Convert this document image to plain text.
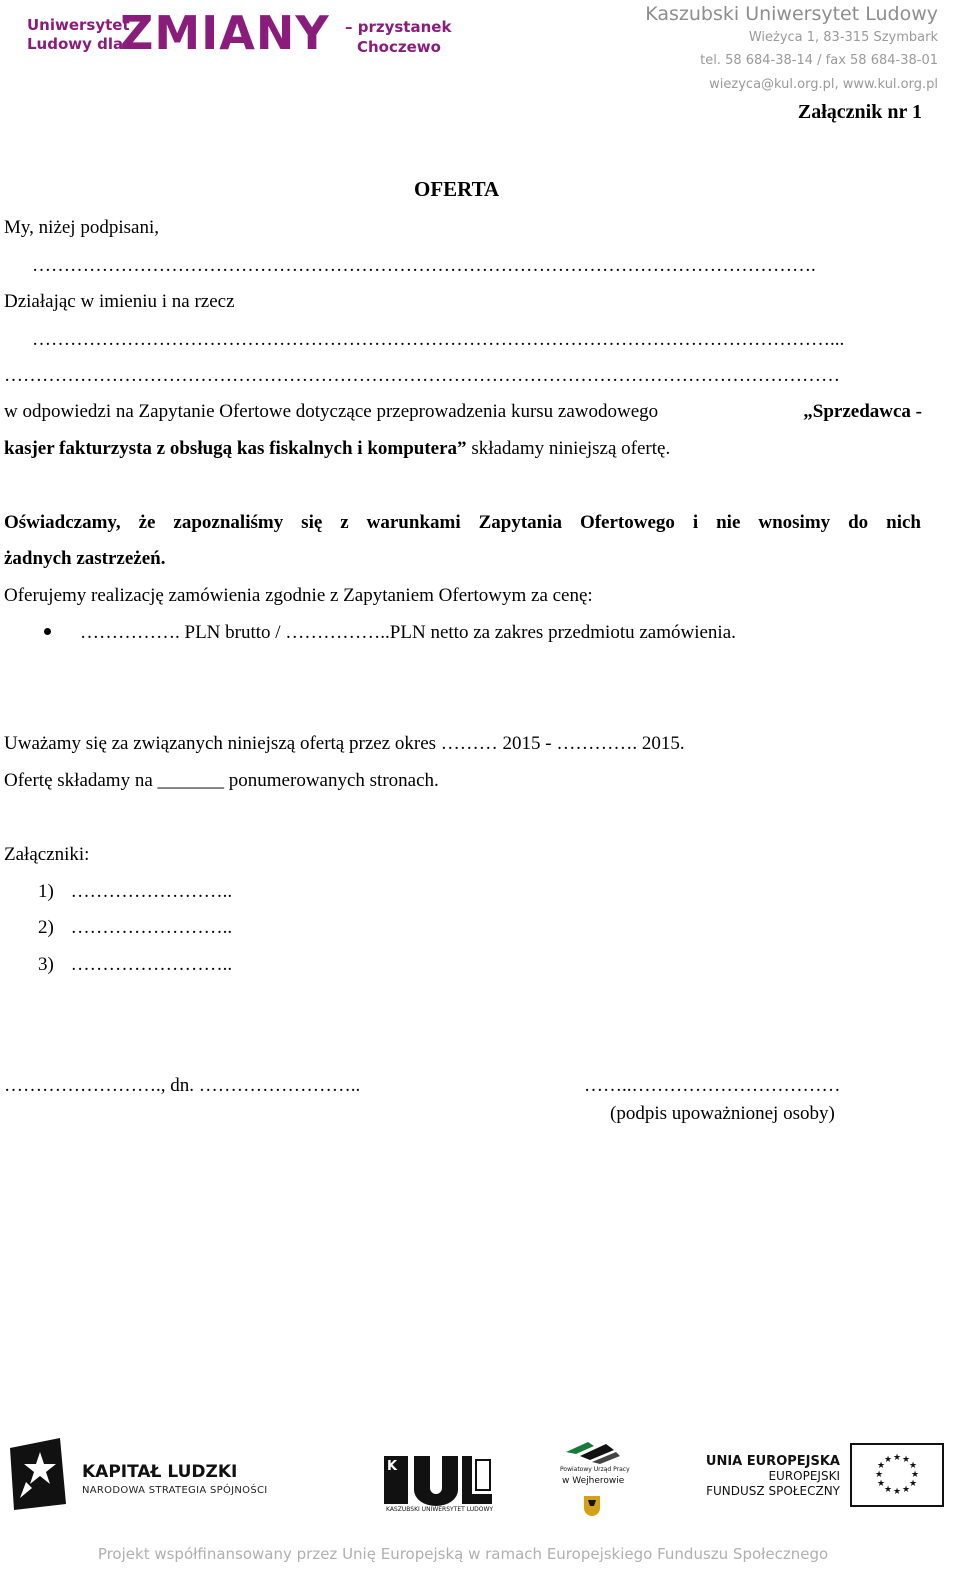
Uniwersytet
Ludowy dla
ZMIANY – przystanek
Choczewo
Kaszubski Uniwersytet Ludowy
Wieżyca 1, 83-315 Szymbark
tel. 58 684-38-14 / fax 58 684-38-01
wiezyca@kul.org.pl, www.kul.org.pl
Załącznik nr 1
OFERTA
My, niżej podpisani,
…………………………………………………………………………………………………………….
Działając w imieniu i na rzecz
………………………………………………………………………………………………………………...
……………………………………………………………………………………………………………………
w odpowiedzi na Zapytanie Ofertowe dotyczące przeprowadzenia kursu zawodowego	„Sprzedawca -
kasjer fakturzysta z obsługą kas fiskalnych i komputera” składamy niniejszą ofertę.
Oświadczamy, że zapoznaliśmy się z warunkami Zapytania Ofertowego i nie wnosimy do nich
żadnych zastrzeżeń.
Oferujemy realizację zamówienia zgodnie z Zapytaniem Ofertowym za cenę:
……………. PLN brutto / ……………..PLN netto za zakres przedmiotu zamówienia.
Uważamy się za związanych niniejszą ofertą przez okres ……… 2015 - …………. 2015.
Ofertę składamy na _______ ponumerowanych stronach.
Załączniki:
1) ……………………..
2) ……………………..
3) ……………………..
……………………., dn. ……………………..	……..……………………………
(podpis upoważnionej osoby)
KAPITAŁ LUDZKI
NARODOWA STRATEGIA SPÓJNOŚCI
K
KASZUBSKI UNIWERSYTET LUDOWY
Powiatowy Urząd Pracy
w Wejherowie
UNIA EUROPEJSKA
EUROPEJSKI
FUNDUSZ SPOŁECZNY
★ ★
★
★
★
★
★
★
★
★
★
★
Projekt współfinansowany przez Unię Europejską w ramach Europejskiego Funduszu Społecznego
